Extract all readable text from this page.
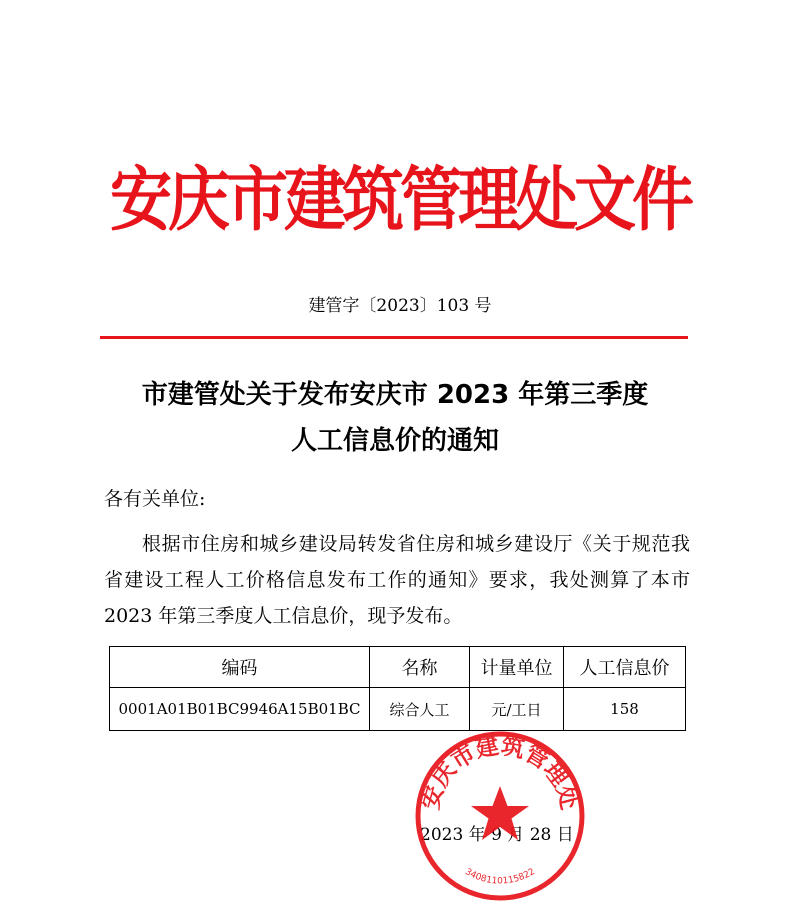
安庆市建筑管理处文件
建管字〔2023〕103 号
市建管处关于发布安庆市 2023 年第三季度
人工信息价的通知
各有关单位:
根据市住房和城乡建设局转发省住房和城乡建设厅《关于规范我省建设工程人工价格信息发布工作的通知》要求，我处测算了本市 2023 年第三季度人工信息价，现予发布。
编码	名称	计量单位	人工信息价
0001A01B01BC9946A15B01BC	综合人工	元/工日	158
2023 年 9 月 28 日
安庆市建筑管理处
3408110115822
